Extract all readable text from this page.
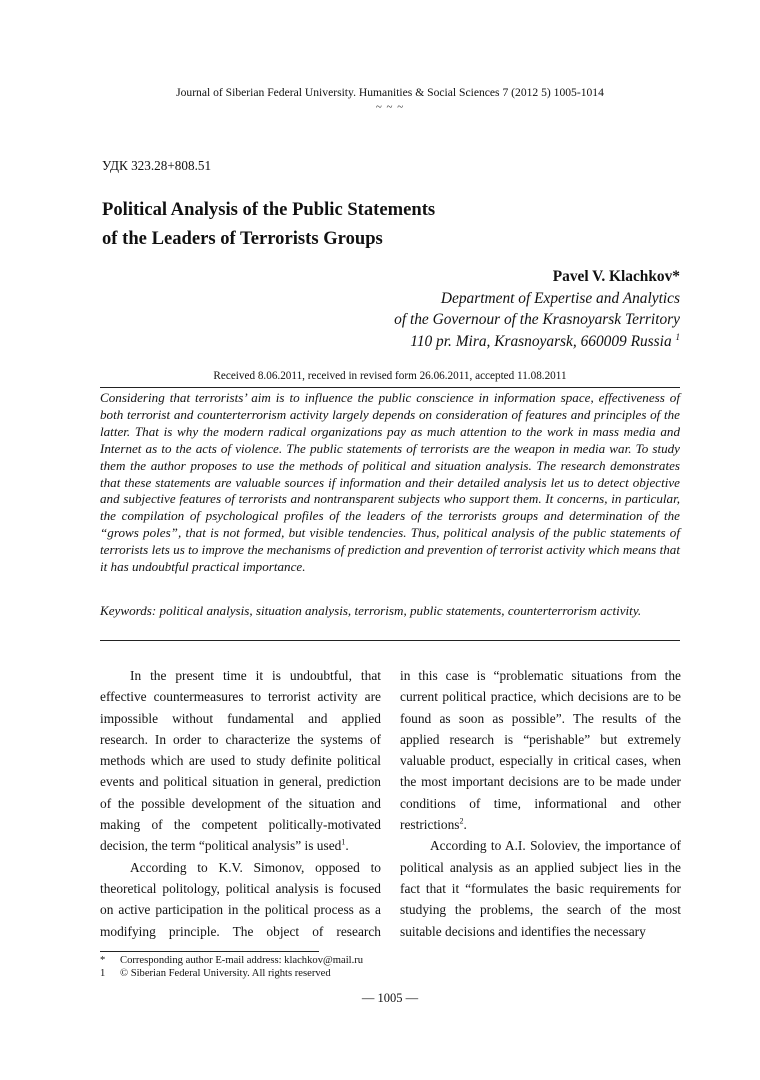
Journal of Siberian Federal University. Humanities & Social Sciences 7 (2012 5) 1005-1014
~ ~ ~
УДК 323.28+808.51
Political Analysis of the Public Statements
of the Leaders of Terrorists Groups
Pavel V. Klachkov*
Department of Expertise and Analytics
of the Governour of the Krasnoyarsk Territory
110 pr. Mira, Krasnoyarsk, 660009 Russia $^1$
Received 8.06.2011, received in revised form 26.06.2011, accepted 11.08.2011
Considering that terrorists’ aim is to influence the public conscience in information space, effectiveness of both terrorist and counterterrorism activity largely depends on consideration of features and principles of the latter. That is why the modern radical organizations pay as much attention to the work in mass media and Internet as to the acts of violence. The public statements of terrorists are the weapon in media war. To study them the author proposes to use the methods of political and situation analysis. The research demonstrates that these statements are valuable sources if information and their detailed analysis let us to detect objective and subjective features of terrorists and nontransparent subjects who support them. It concerns, in particular, the compilation of psychological profiles of the leaders of the terrorists groups and determination of the “grows poles”, that is not formed, but visible tendencies. Thus, political analysis of the public statements of terrorists lets us to improve the mechanisms of prediction and prevention of terrorist activity which means that it has undoubtful practical importance.
Keywords: political analysis, situation analysis, terrorism, public statements, counterterrorism activity.

In the present time it is undoubtful, that effective countermeasures to terrorist activity are impossible without fundamental and applied research. In order to characterize the systems of methods which are used to study definite political events and political situation in general, prediction of the possible development of the situation and making of the competent politically-motivated decision, the term “political analysis” is used$^1$.

According to K.V. Simonov, opposed to theoretical politology, political analysis is focused on active participation in the political process as a modifying principle. The object of research

in this case is “problematic situations from the current political practice, which decisions are to be found as soon as possible”. The results of the applied research is “perishable” but extremely valuable product, especially in critical cases, when the most important decisions are to be made under conditions of time, informational and other restrictions$^2$.

According to A.I. Soloviev, the importance of political analysis as an applied subject lies in the fact that it “formulates the basic requirements for studying the problems, the search of the most suitable decisions and identifies the necessary

* Corresponding author E-mail address: klachkov@mail.ru
1 © Siberian Federal University. All rights reserved
— 1005 —
